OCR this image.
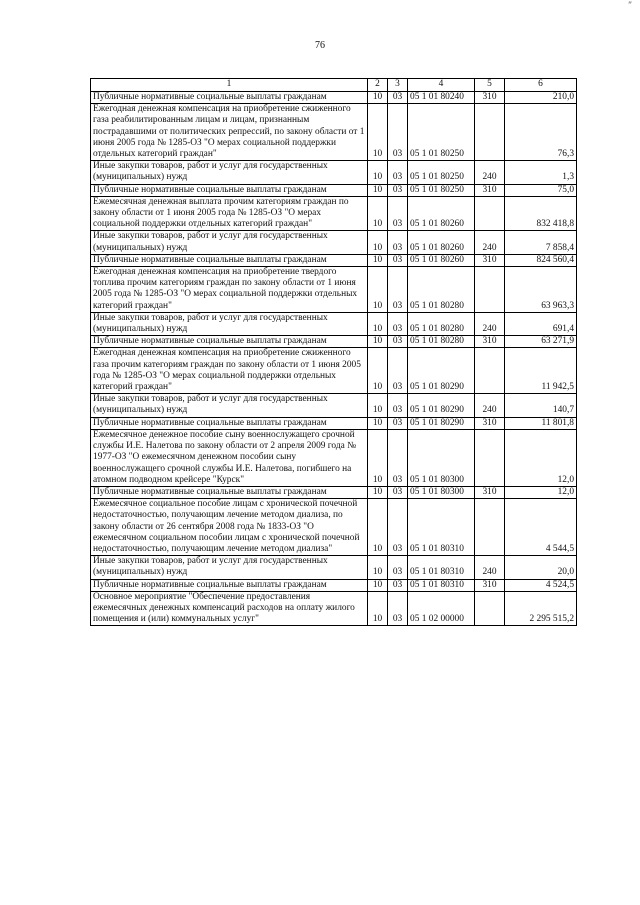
″
76
1	2	3	4	5	6
Публичные нормативные социальные выплаты гражданам	10	03	05 1 01 80240	310	210,0
Ежегодная денежная компенсация на приобретение сжиженного газа реабилитированным лицам и лицам, признанным пострадавшими от политических репрессий, по закону области от 1 июня 2005 года № 1285-ОЗ "О мерах социальной поддержки отдельных категорий граждан"	10	03	05 1 01 80250		76,3
Иные закупки товаров, работ и услуг для государственных (муниципальных) нужд	10	03	05 1 01 80250	240	1,3
Публичные нормативные социальные выплаты гражданам	10	03	05 1 01 80250	310	75,0
Ежемесячная денежная выплата прочим категориям граждан по закону области от 1 июня 2005 года № 1285-ОЗ "О мерах социальной поддержки отдельных категорий граждан"	10	03	05 1 01 80260		832 418,8
Иные закупки товаров, работ и услуг для государственных (муниципальных) нужд	10	03	05 1 01 80260	240	7 858,4
Публичные нормативные социальные выплаты гражданам	10	03	05 1 01 80260	310	824 560,4
Ежегодная денежная компенсация на приобретение твердого топлива прочим категориям граждан по закону области от 1 июня 2005 года № 1285-ОЗ "О мерах социальной поддержки отдельных категорий граждан"	10	03	05 1 01 80280		63 963,3
Иные закупки товаров, работ и услуг для государственных (муниципальных) нужд	10	03	05 1 01 80280	240	691,4
Публичные нормативные социальные выплаты гражданам	10	03	05 1 01 80280	310	63 271,9
Ежегодная денежная компенсация на приобретение сжиженного газа прочим категориям граждан по закону области от 1 июня 2005 года № 1285-ОЗ "О мерах социальной поддержки отдельных категорий граждан"	10	03	05 1 01 80290		11 942,5
Иные закупки товаров, работ и услуг для государственных (муниципальных) нужд	10	03	05 1 01 80290	240	140,7
Публичные нормативные социальные выплаты гражданам	10	03	05 1 01 80290	310	11 801,8
Ежемесячное денежное пособие сыну военнослужащего срочной службы И.Е. Налетова по закону области от 2 апреля 2009 года № 1977-ОЗ "О ежемесячном денежном пособии сыну военнослужащего срочной службы И.Е. Налетова, погибшего на атомном подводном крейсере "Курск"	10	03	05 1 01 80300		12,0
Публичные нормативные социальные выплаты гражданам	10	03	05 1 01 80300	310	12,0
Ежемесячное социальное пособие лицам с хронической почечной недостаточностью, получающим лечение методом диализа, по закону области от 26 сентября 2008 года № 1833-ОЗ "О ежемесячном социальном пособии лицам с хронической почечной недостаточностью, получающим лечение методом диализа"	10	03	05 1 01 80310		4 544,5
Иные закупки товаров, работ и услуг для государственных (муниципальных) нужд	10	03	05 1 01 80310	240	20,0
Публичные нормативные социальные выплаты гражданам	10	03	05 1 01 80310	310	4 524,5
Основное мероприятие "Обеспечение предоставления ежемесячных денежных компенсаций расходов на оплату жилого помещения и (или) коммунальных услуг"	10	03	05 1 02 00000		2 295 515,2
